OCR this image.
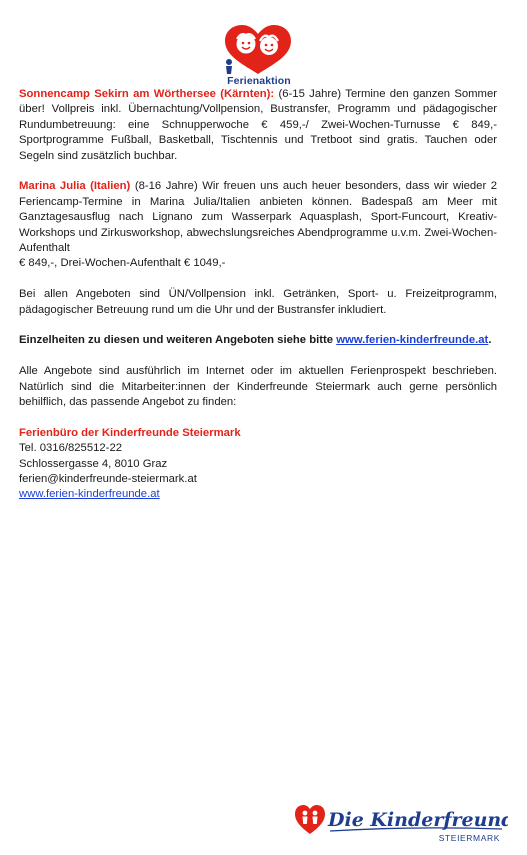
Ferienaktion

Sonnencamp Sekirn am Wörthersee (Kärnten): (6-15 Jahre) Termine den ganzen Sommer über! Vollpreis inkl. Übernachtung/Vollpension, Bustransfer, Programm und pädagogischer Rundumbetreuung: eine Schnupperwoche € 459,-/ Zwei-Wochen-Turnusse € 849,- Sportprogramme Fußball, Basketball, Tischtennis und Tretboot sind gratis. Tauchen oder Segeln sind zusätzlich buchbar.

Marina Julia (Italien) (8-16 Jahre) Wir freuen uns auch heuer besonders, dass wir wieder 2 Feriencamp-Termine in Marina Julia/Italien anbieten können. Badespaß am Meer mit Ganztagesausflug nach Lignano zum Wasserpark Aquasplash, Sport-Funcourt, Kreativ-Workshops und Zirkusworkshop, abwechslungsreiches Abendprogramme u.v.m. Zwei-Wochen-Aufenthalt
€ 849,-, Drei-Wochen-Aufenthalt € 1049,-

Bei allen Angeboten sind ÜN/Vollpension inkl. Getränken, Sport- u. Freizeitprogramm, pädagogischer Betreuung rund um die Uhr und der Bustransfer inkludiert.

Einzelheiten zu diesen und weiteren Angeboten siehe bitte www.ferien-kinderfreunde.at.

Alle Angebote sind ausführlich im Internet oder im aktuellen Ferienprospekt beschrieben. Natürlich sind die Mitarbeiter:innen der Kinderfreunde Steiermark auch gerne persönlich behilflich, das passende Angebot zu finden:

Ferienbüro der Kinderfreunde Steiermark
Tel. 0316/825512-22
Schlossergasse 4, 8010 Graz
ferien@kinderfreunde-steiermark.at
www.ferien-kinderfreunde.at
Die Kinderfreunde
STEIERMARK
